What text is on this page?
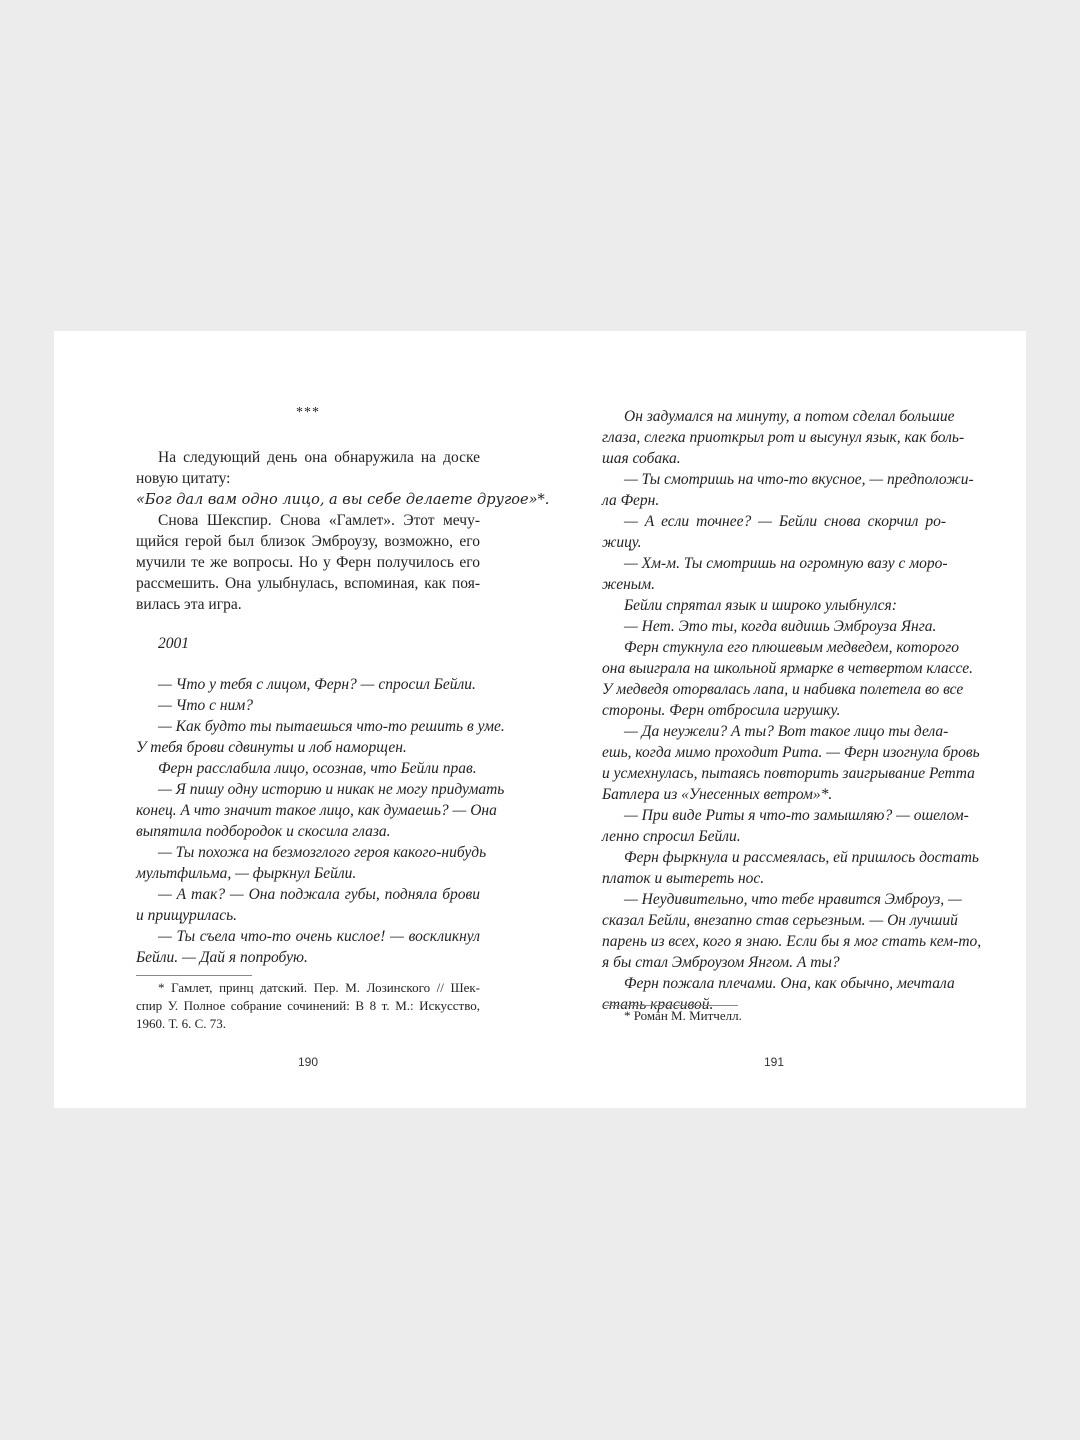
***
На следующий день она обнаружила на доске
новую цитату:
«Бог дал вам одно лицо, а вы себе делаете другое»*.
Снова Шекспир. Снова «Гамлет». Этот мечу-
щийся герой был близок Эмброузу, возможно, его
мучили те же вопросы. Но у Ферн получилось его
рассмешить. Она улыбнулась, вспоминая, как поя-
вилась эта игра.
2001
— Что у тебя с лицом, Ферн? — спросил Бейли.
— Что с ним?
— Как будто ты пытаешься что-то решить в уме.
У тебя брови сдвинуты и лоб наморщен.
Ферн расслабила лицо, осознав, что Бейли прав.
— Я пишу одну историю и никак не могу придумать
конец. А что значит такое лицо, как думаешь? — Она
выпятила подбородок и скосила глаза.
— Ты похожа на безмозглого героя какого-нибудь
мультфильма, — фыркнул Бейли.
— А так? — Она поджала губы, подняла брови
и прищурилась.
— Ты съела что-то очень кислое! — воскликнул
Бейли. — Дай я попробую.
* Гамлет, принц датский. Пер. М. Лозинского // Шек-
спир У. Полное собрание сочинений: В 8 т. М.: Искусство,
1960. Т. 6. С. 73.
190
Он задумался на минуту, а потом сделал большие
глаза, слегка приоткрыл рот и высунул язык, как боль-
шая собака.
— Ты смотришь на что-то вкусное, — предположи-
ла Ферн.
— А если точнее? — Бейли снова скорчил ро-
жицу.
— Хм-м. Ты смотришь на огромную вазу с моро-
женым.
Бейли спрятал язык и широко улыбнулся:
— Нет. Это ты, когда видишь Эмброуза Янга.
Ферн стукнула его плюшевым медведем, которого
она выиграла на школьной ярмарке в четвертом классе.
У медведя оторвалась лапа, и набивка полетела во все
стороны. Ферн отбросила игрушку.
— Да неужели? А ты? Вот такое лицо ты дела-
ешь, когда мимо проходит Рита. — Ферн изогнула бровь
и усмехнулась, пытаясь повторить заигрывание Ретта
Батлера из «Унесенных ветром»*.
— При виде Риты я что-то замышляю? — ошелом-
ленно спросил Бейли.
Ферн фыркнула и рассмеялась, ей пришлось достать
платок и вытереть нос.
— Неудивительно, что тебе нравится Эмброуз, —
сказал Бейли, внезапно став серьезным. — Он лучший
парень из всех, кого я знаю. Если бы я мог стать кем-то,
я бы стал Эмброузом Янгом. А ты?
Ферн пожала плечами. Она, как обычно, мечтала
стать красивой.
* Роман М. Митчелл.
191
